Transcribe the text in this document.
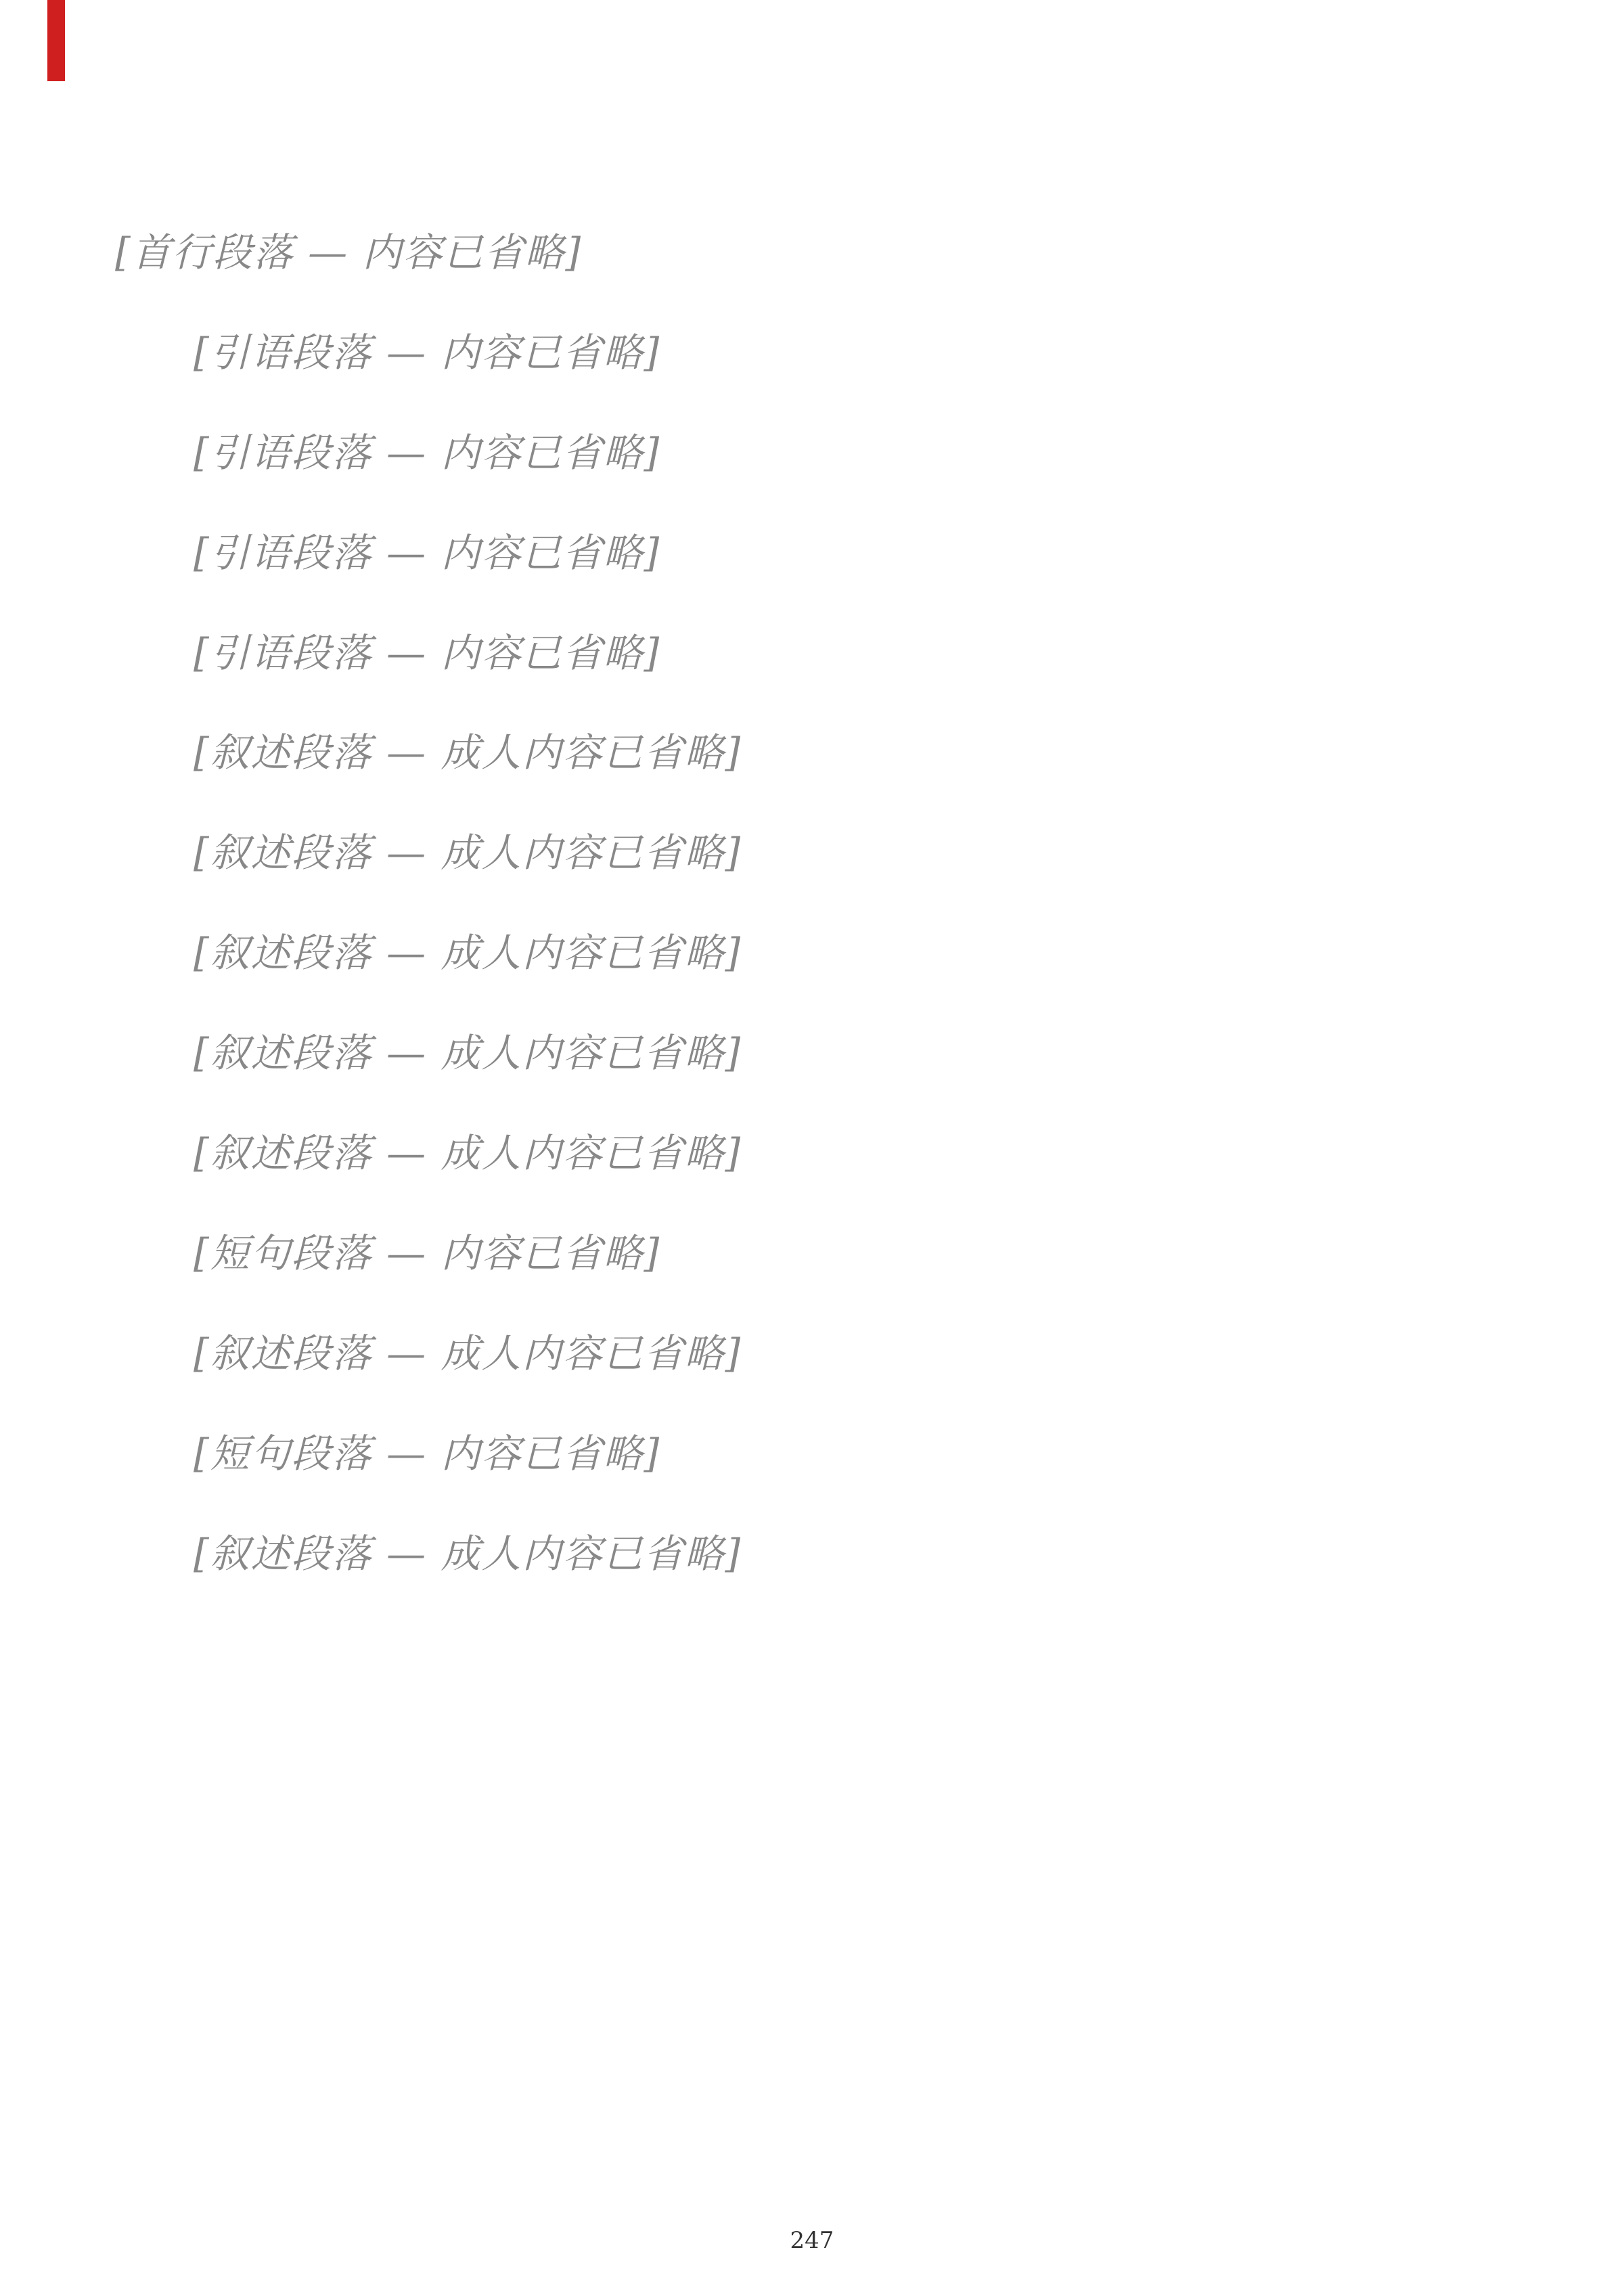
[首行段落 — 内容已省略]

[引语段落 — 内容已省略]

[引语段落 — 内容已省略]

[引语段落 — 内容已省略]

[引语段落 — 内容已省略]

[叙述段落 — 成人内容已省略]

[叙述段落 — 成人内容已省略]

[叙述段落 — 成人内容已省略]

[叙述段落 — 成人内容已省略]

[叙述段落 — 成人内容已省略]

[短句段落 — 内容已省略]

[叙述段落 — 成人内容已省略]

[短句段落 — 内容已省略]

[叙述段落 — 成人内容已省略]

247
